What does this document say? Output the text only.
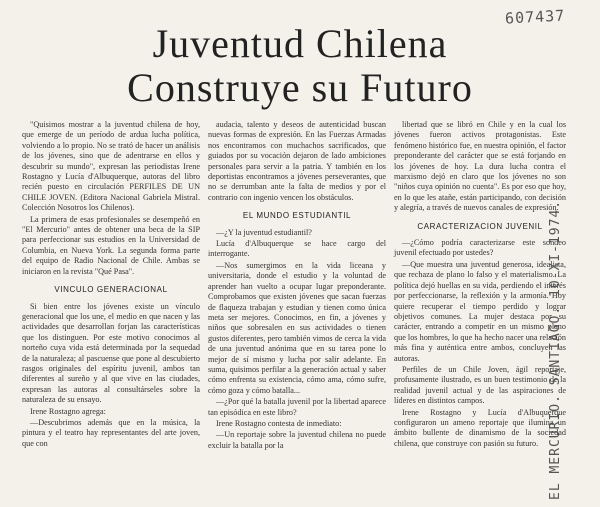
607437
Juventud Chilena
Construye su Futuro

"Quisimos mostrar a la juventud chilena de hoy, que emerge de un período de ardua lucha política, volviendo a lo propio. No se trató de hacer un análisis de los jóvenes, sino que de adentrarse en ellos y descubrir su mundo", expresan las periodistas Irene Rostagno y Lucía d'Albuquerque, autoras del libro recién puesto en circulación PERFILES DE UN CHILE JOVEN. (Editora Nacional Gabriela Mistral. Colección Nosotros los Chilenos).

La primera de esas profesionales se desempeñó en "El Mercurio" antes de obtener una beca de la SIP para perfeccionar sus estudios en la Universidad de Columbia, en Nueva York. La segunda forma parte del equipo de Radio Nacional de Chile. Ambas se iniciaron en la revista "Qué Pasa".

VINCULO GENERACIONAL

Si bien entre los jóvenes existe un vínculo generacional que los une, el medio en que nacen y las actividades que desarrollan forjan las características que los distinguen. Por este motivo conocimos al norteño cuya vida está determinada por la sequedad de la naturaleza; al pascuense que pone al descubierto rasgos originales del espíritu juvenil, ambos tan diferentes al sureño y al que vive en las ciudades, expresan las autoras al consultárseles sobre la naturaleza de su ensayo.

Irene Rostagno agrega:

—Descubrimos además que en la música, la pintura y el teatro hay representantes del arte joven, que con

audacia, talento y deseos de autenticidad buscan nuevas formas de expresión. En las Fuerzas Armadas nos encontramos con muchachos sacrificados, que guiados por su vocación dejaron de lado ambiciones personales para servir a la patria. Y también en los deportistas encontramos a jóvenes perseverantes, que no se derrumban ante la falta de medios y por el contrario con ingenio vencen los obstáculos.

EL MUNDO ESTUDIANTIL

—¿Y la juventud estudiantil?

Lucía d'Albuquerque se hace cargo del interrogante.

—Nos sumergimos en la vida liceana y universitaria, donde el estudio y la voluntad de aprender han vuelto a ocupar lugar preponderante. Comprobamos que existen jóvenes que sacan fuerzas de flaqueza trabajan y estudian y tienen como única meta ser mejores. Conocimos, en fin, a jóvenes y niños que sobresalen en sus actividades o tienen gustos diferentes, pero también vimos de cerca la vida de una juventud anónima que en su tarea pone lo mejor de sí mismo y lucha por salir adelante. En suma, quisimos perfilar a la generación actual y saber cómo enfrenta su existencia, cómo ama, cómo sufre, cómo goza y cómo batalla...

—¿Por qué la batalla juvenil por la libertad aparece tan episódica en este libro?

Irene Rostagno contesta de inmediato:

—Un reportaje sobre la juventud chilena no puede excluir la batalla por la

libertad que se libró en Chile y en la cual los jóvenes fueron activos protagonistas. Este fenómeno histórico fue, en nuestra opinión, el factor preponderante del carácter que se está forjando en los jóvenes de hoy. La dura lucha contra el marxismo dejó en claro que los jóvenes no son "niños cuya opinión no cuenta". Es por eso que hoy, en lo que les atañe, están participando, con decisión y alegría, a través de nuevos canales de expresión.

CARACTERIZACION JUVENIL

—¿Cómo podría caracterizarse este sondeo juvenil efectuado por ustedes?

—Que muestra una juventud generosa, idealista, que rechaza de plano lo falso y el materialismo. La política dejó huellas en su vida, perdiendo el interés por perfeccionarse, la reflexión y la armonía. Hoy quiere recuperar el tiempo perdido y lograr objetivos comunes. La mujer destaca por su carácter, entrando a competir en un mismo plano que los hombres, lo que ha hecho nacer una relación más fina y auténtica entre ambos, concluyen las autoras.

Perfiles de un Chile Joven, ágil reportaje, profusamente ilustrado, es un buen testimonio de la realidad juvenil actual y de las aspiraciones de líderes en distintos campos.

Irene Rostagno y Lucía d'Albuquerque configuraron un ameno reportaje que ilumina un ámbito bullente de dinamismo de la sociedad chilena, que construye con pasión su futuro. EL MERCURIO. SANTIAGO. 10-XI-1974.
